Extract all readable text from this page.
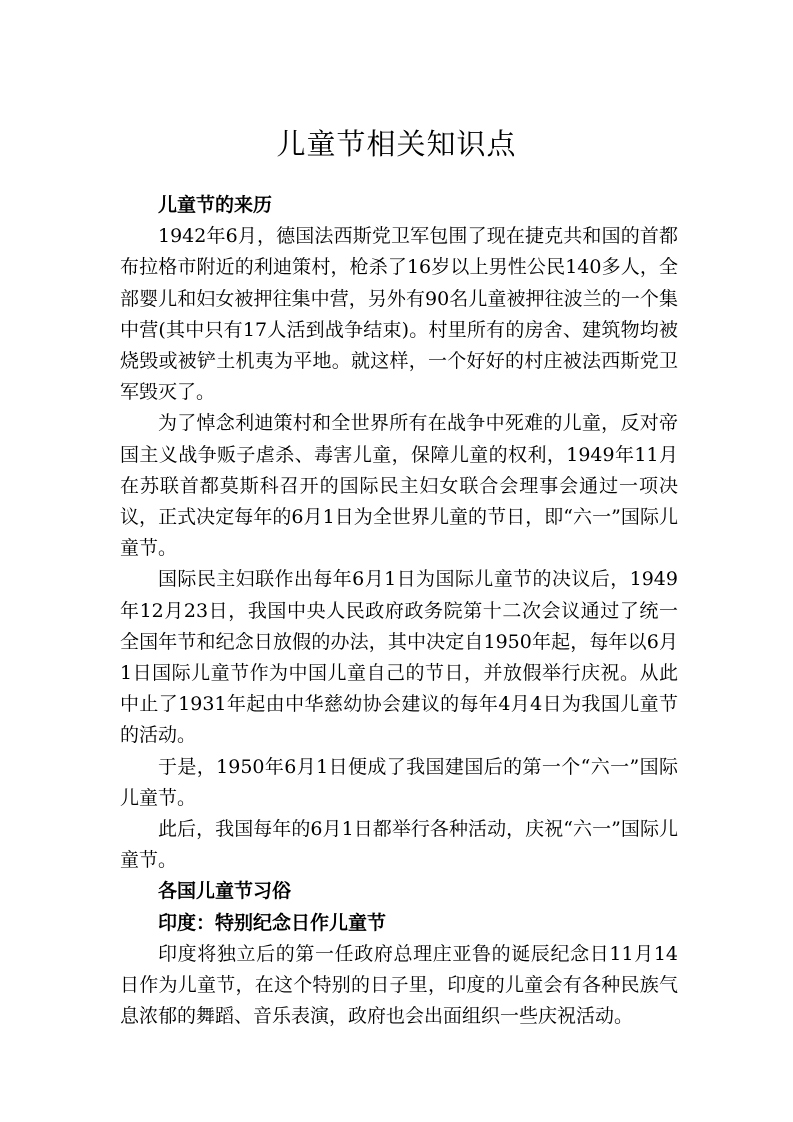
儿童节相关知识点

儿童节的来历

1942年6月，德国法西斯党卫军包围了现在捷克共和国的首都布拉格市附近的利迪策村，枪杀了16岁以上男性公民140多人，全部婴儿和妇女被押往集中营，另外有90名儿童被押往波兰的一个集中营(其中只有17人活到战争结束)。村里所有的房舍、建筑物均被烧毁或被铲土机夷为平地。就这样，一个好好的村庄被法西斯党卫军毁灭了。

为了悼念利迪策村和全世界所有在战争中死难的儿童，反对帝国主义战争贩子虐杀、毒害儿童，保障儿童的权利，1949年11月在苏联首都莫斯科召开的国际民主妇女联合会理事会通过一项决议，正式决定每年的6月1日为全世界儿童的节日，即“六一”国际儿童节。

国际民主妇联作出每年6月1日为国际儿童节的决议后，1949年12月23日，我国中央人民政府政务院第十二次会议通过了统一全国年节和纪念日放假的办法，其中决定自1950年起，每年以6月1日国际儿童节作为中国儿童自己的节日，并放假举行庆祝。从此中止了1931年起由中华慈幼协会建议的每年4月4日为我国儿童节的活动。

于是，1950年6月1日便成了我国建国后的第一个“六一”国际儿童节。

此后，我国每年的6月1日都举行各种活动，庆祝“六一”国际儿童节。

各国儿童节习俗

印度：特别纪念日作儿童节

印度将独立后的第一任政府总理庄亚鲁的诞辰纪念日11月14日作为儿童节，在这个特别的日子里，印度的儿童会有各种民族气息浓郁的舞蹈、音乐表演，政府也会出面组织一些庆祝活动。
